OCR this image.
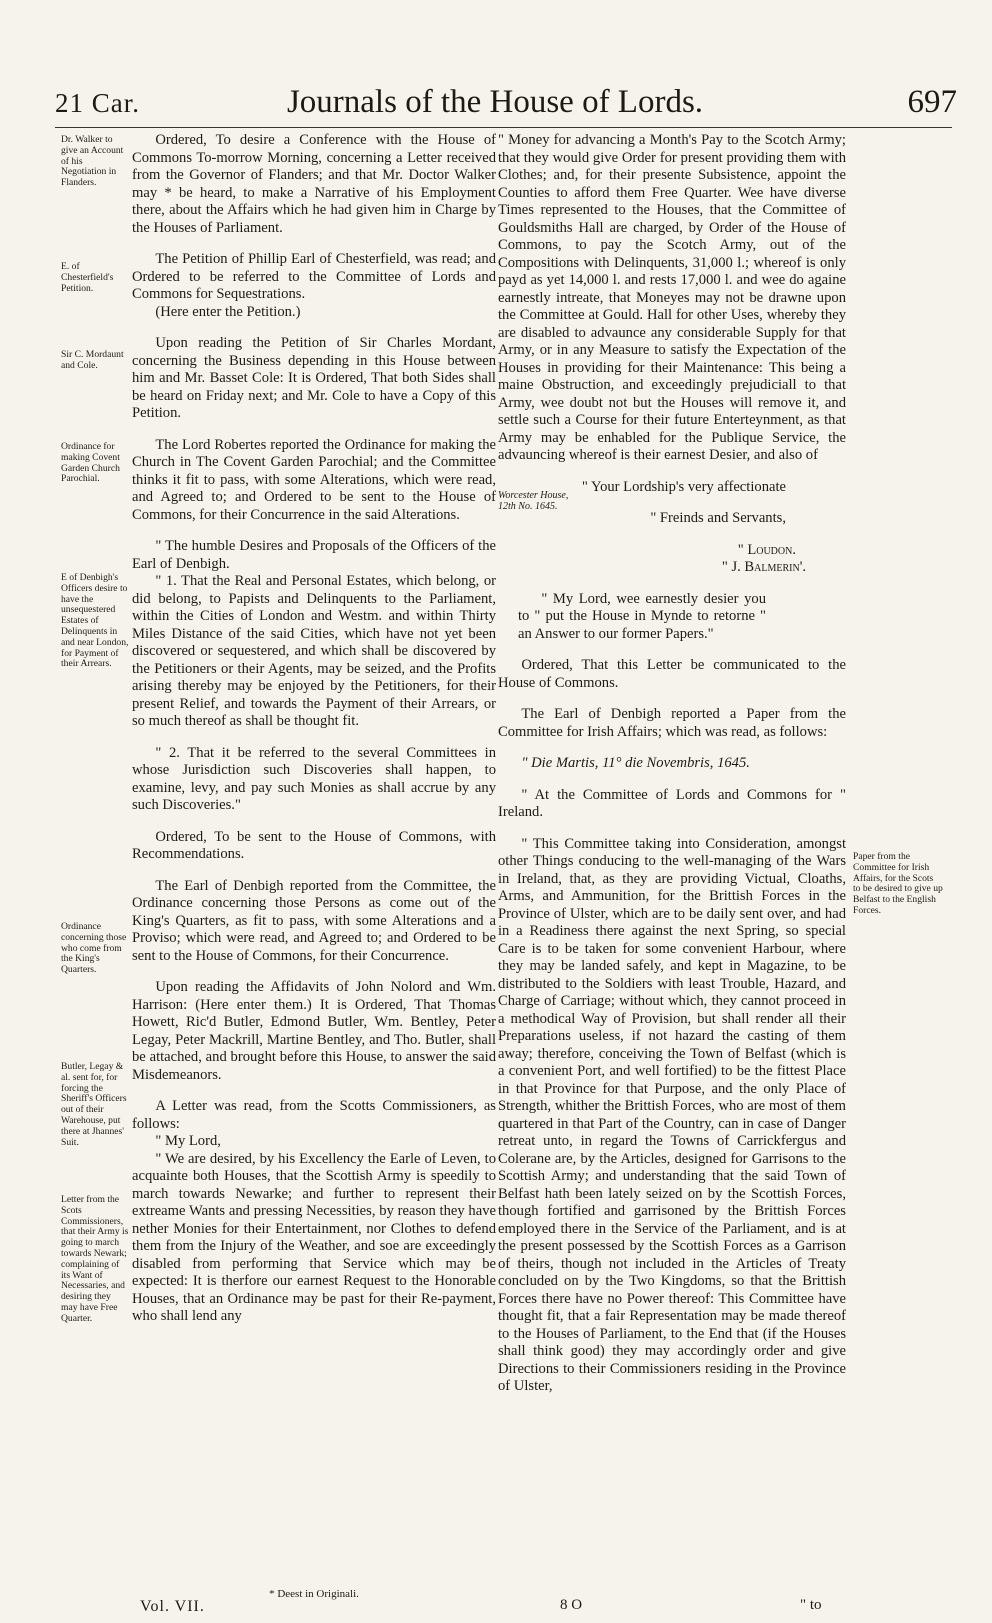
21 Car.	Journals of the House of Lords.	697
Dr. Walker to give an Account of his Negotiation in Flanders.
E. of Chesterfield's Petition.
Sir C. Mordaunt and Cole.
Ordinance for making Covent Garden Church Parochial.
E of Denbigh's Officers desire to have the unsequestered Estates of Delinquents in and near London, for Payment of their Arrears.
Ordinance concerning those who come from the King's Quarters.
Butler, Legay & al. sent for, for forcing the Sheriff's Officers out of their Warehouse, put there at Jhannes' Suit.
Letter from the Scots Commissioners, that their Army is going to march towards Newark; complaining of its Want of Necessaries, and desiring they may have Free Quarter.
Paper from the Committee for Irish Affairs, for the Scots to be desired to give up Belfast to the English Forces.

Ordered, To desire a Conference with the House of Commons To-morrow Morning, concerning a Letter received from the Governor of Flanders; and that Mr. Doctor Walker may * be heard, to make a Narrative of his Employment there, about the Affairs which he had given him in Charge by the Houses of Parliament.

The Petition of Phillip Earl of Chesterfield, was read; and Ordered to be referred to the Committee of Lords and Commons for Sequestrations.

(Here enter the Petition.)

Upon reading the Petition of Sir Charles Mordant, concerning the Business depending in this House between him and Mr. Basset Cole: It is Ordered, That both Sides shall be heard on Friday next; and Mr. Cole to have a Copy of this Petition.

The Lord Robertes reported the Ordinance for making the Church in The Covent Garden Parochial; and the Committee thinks it fit to pass, with some Alterations, which were read, and Agreed to; and Ordered to be sent to the House of Commons, for their Concurrence in the said Alterations.

" The humble Desires and Proposals of the Officers of the Earl of Denbigh.

" 1. That the Real and Personal Estates, which belong, or did belong, to Papists and Delinquents to the Parliament, within the Cities of London and Westm. and within Thirty Miles Distance of the said Cities, which have not yet been discovered or sequestered, and which shall be discovered by the Petitioners or their Agents, may be seized, and the Profits arising thereby may be enjoyed by the Petitioners, for their present Relief, and towards the Payment of their Arrears, or so much thereof as shall be thought fit.

" 2. That it be referred to the several Committees in whose Jurisdiction such Discoveries shall happen, to examine, levy, and pay such Monies as shall accrue by any such Discoveries."

Ordered, To be sent to the House of Commons, with Recommendations.

The Earl of Denbigh reported from the Committee, the Ordinance concerning those Persons as come out of the King's Quarters, as fit to pass, with some Alterations and a Proviso; which were read, and Agreed to; and Ordered to be sent to the House of Commons, for their Concurrence.

Upon reading the Affidavits of John Nolord and Wm. Harrison: (Here enter them.) It is Ordered, That Thomas Howett, Ric'd Butler, Edmond Butler, Wm. Bentley, Peter Legay, Peter Mackrill, Martine Bentley, and Tho. Butler, shall be attached, and brought before this House, to answer the said Misdemeanors.

A Letter was read, from the Scotts Commissioners, as follows:

" My Lord,

" We are desired, by his Excellency the Earle of Leven, to acquainte both Houses, that the Scottish Army is speedily to march towards Newarke; and further to represent their extreame Wants and pressing Necessities, by reason they have nether Monies for their Entertainment, nor Clothes to defend them from the Injury of the Weather, and soe are exceedingly disabled from performing that Service which may be expected: It is therfore our earnest Request to the Honorable Houses, that an Ordinance may be past for their Re-payment, who shall lend any

" Money for advancing a Month's Pay to the Scotch Army; that they would give Order for present providing them with Clothes; and, for their presente Subsistence, appoint the Counties to afford them Free Quarter. Wee have diverse Times represented to the Houses, that the Committee of Gouldsmiths Hall are charged, by Order of the House of Commons, to pay the Scotch Army, out of the Compositions with Delinquents, 31,000 l.; whereof is only payd as yet 14,000 l. and rests 17,000 l. and wee do againe earnestly intreate, that Moneyes may not be drawne upon the Committee at Gould. Hall for other Uses, whereby they are disabled to advaunce any considerable Supply for that Army, or in any Measure to satisfy the Expectation of the Houses in providing for their Maintenance: This being a maine Obstruction, and exceedingly prejudiciall to that Army, wee doubt not but the Houses will remove it, and settle such a Course for their future Enterteynment, as that Army may be enhabled for the Publique Service, the advauncing whereof is their earnest Desier, and also of

" Your Lordship's very affectionate

" Freinds and Servants,

" Loudon.

" J. Balmerin'.

" My Lord, wee earnestly desier you to " put the House in Mynde to retorne " an Answer to our former Papers."

Ordered, That this Letter be communicated to the House of Commons.

The Earl of Denbigh reported a Paper from the Committee for Irish Affairs; which was read, as follows:

" Die Martis, 11° die Novembris, 1645.

" At the Committee of Lords and Commons for " Ireland.

" This Committee taking into Consideration, amongst other Things conducing to the well-managing of the Wars in Ireland, that, as they are providing Victual, Cloaths, Arms, and Ammunition, for the Brittish Forces in the Province of Ulster, which are to be daily sent over, and had in a Readiness there against the next Spring, so special Care is to be taken for some convenient Harbour, where they may be landed safely, and kept in Magazine, to be distributed to the Soldiers with least Trouble, Hazard, and Charge of Carriage; without which, they cannot proceed in a methodical Way of Provision, but shall render all their Preparations useless, if not hazard the casting of them away; therefore, conceiving the Town of Belfast (which is a convenient Port, and well fortified) to be the fittest Place in that Province for that Purpose, and the only Place of Strength, whither the Brittish Forces, who are most of them quartered in that Part of the Country, can in case of Danger retreat unto, in regard the Towns of Carrickfergus and Colerane are, by the Articles, designed for Garrisons to the Scottish Army; and understanding that the said Town of Belfast hath been lately seized on by the Scottish Forces, though fortified and garrisoned by the Brittish Forces employed there in the Service of the Parliament, and is at the present possessed by the Scottish Forces as a Garrison of theirs, though not included in the Articles of Treaty concluded on by the Two Kingdoms, so that the Brittish Forces there have no Power thereof: This Committee have thought fit, that a fair Representation may be made thereof to the Houses of Parliament, to the End that (if the Houses shall think good) they may accordingly order and give Directions to their Commissioners residing in the Province of Ulster,

Worcester House, 12th No. 1645.
* Deest in Originali.
Vol. VII.	8 O	" to
